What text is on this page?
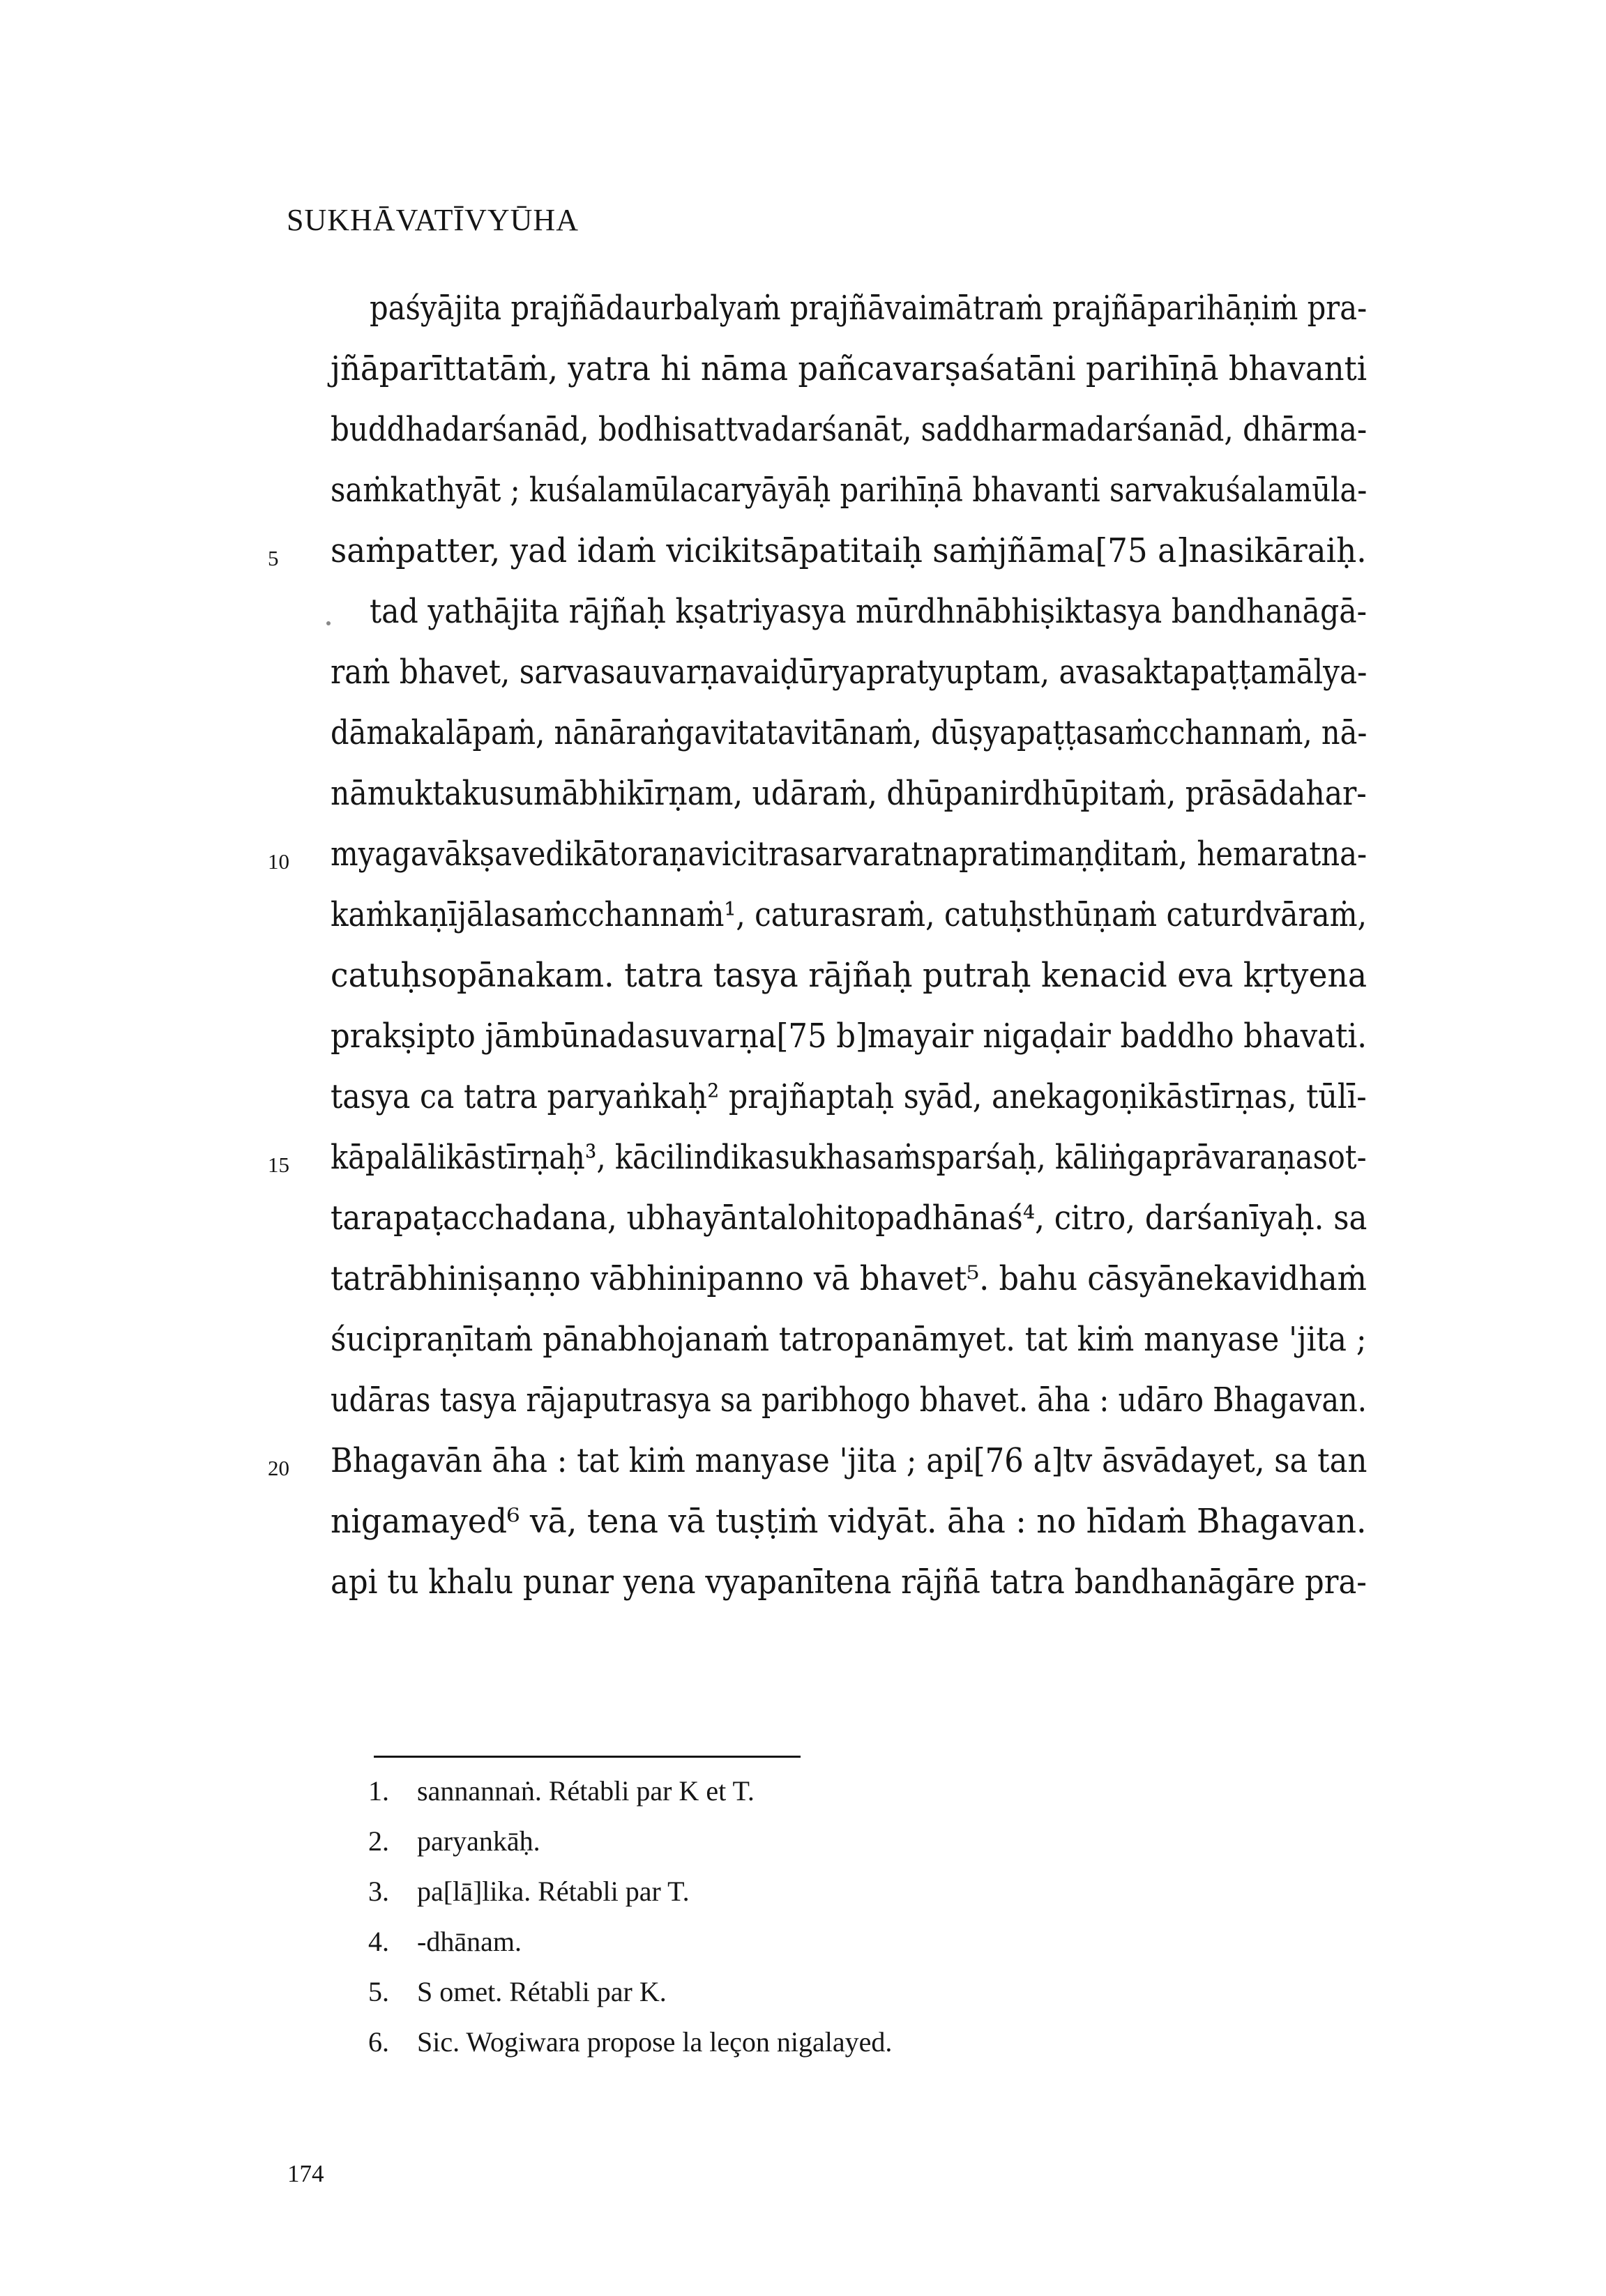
SUKHĀVATĪVYŪHA
paśyājita prajñādaurbalyaṁ prajñāvaimātraṁ prajñāparihāṇiṁ pra-
jñāparīttatāṁ, yatra hi nāma pañcavarṣaśatāni parihīṇā bhavanti
buddhadarśanād, bodhisattvadarśanāt, saddharmadarśanād, dhārma-
saṁkathyāt ; kuśalamūlacaryāyāḥ parihīṇā bhavanti sarvakuśalamūla-
saṁpatter, yad idaṁ vicikitsāpatitaiḥ saṁjñāma[75 a]nasikāraiḥ.
tad yathājita rājñaḥ kṣatriyasya mūrdhnābhiṣiktasya bandhanāgā-
raṁ bhavet, sarvasauvarṇavaiḍūryapratyuptam, avasaktapaṭṭamālya-
dāmakalāpaṁ, nānāraṅgavitatavitānaṁ, dūṣyapaṭṭasaṁcchannaṁ, nā-
nāmuktakusumābhikīrṇam, udāraṁ, dhūpanirdhūpitaṁ, prāsādahar-
myagavākṣavedikātoraṇavicitrasarvaratnapratimaṇḍitaṁ, hemaratna-
kaṁkaṇījālasaṁcchannaṁ¹, caturasraṁ, catuḥsthūṇaṁ caturdvāraṁ,
catuḥsopānakam. tatra tasya rājñaḥ putraḥ kenacid eva kṛtyena
prakṣipto jāmbūnadasuvarṇa[75 b]mayair nigaḍair baddho bhavati.
tasya ca tatra paryaṅkaḥ² prajñaptaḥ syād, anekagoṇikāstīrṇas, tūlī-
kāpalālikāstīrṇaḥ³, kācilindikasukhasaṁsparśaḥ, kāliṅgaprāvaraṇasot-
tarapaṭacchadana, ubhayāntalohitopadhānaś⁴, citro, darśanīyaḥ. sa
tatrābhiniṣaṇṇo vābhinipanno vā bhavet⁵. bahu cāsyānekavidhaṁ
śucipraṇītaṁ pānabhojanaṁ tatropanāmyet. tat kiṁ manyase 'jita ;
udāras tasya rājaputrasya sa paribhogo bhavet. āha : udāro Bhagavan.
Bhagavān āha : tat kiṁ manyase 'jita ; api[76 a]tv āsvādayet, sa tan
nigamayed⁶ vā, tena vā tuṣṭiṁ vidyāt. āha : no hīdaṁ Bhagavan.
api tu khalu punar yena vyapanītena rājñā tatra bandhanāgāre pra-
5
10
15
20
1. sannannaṅ. Rétabli par K et T.
2. paryankāḥ.
3. pa[lā]lika. Rétabli par T.
4. -dhānam.
5. S omet. Rétabli par K.
6. Sic. Wogiwara propose la leçon nigalayed.
174
